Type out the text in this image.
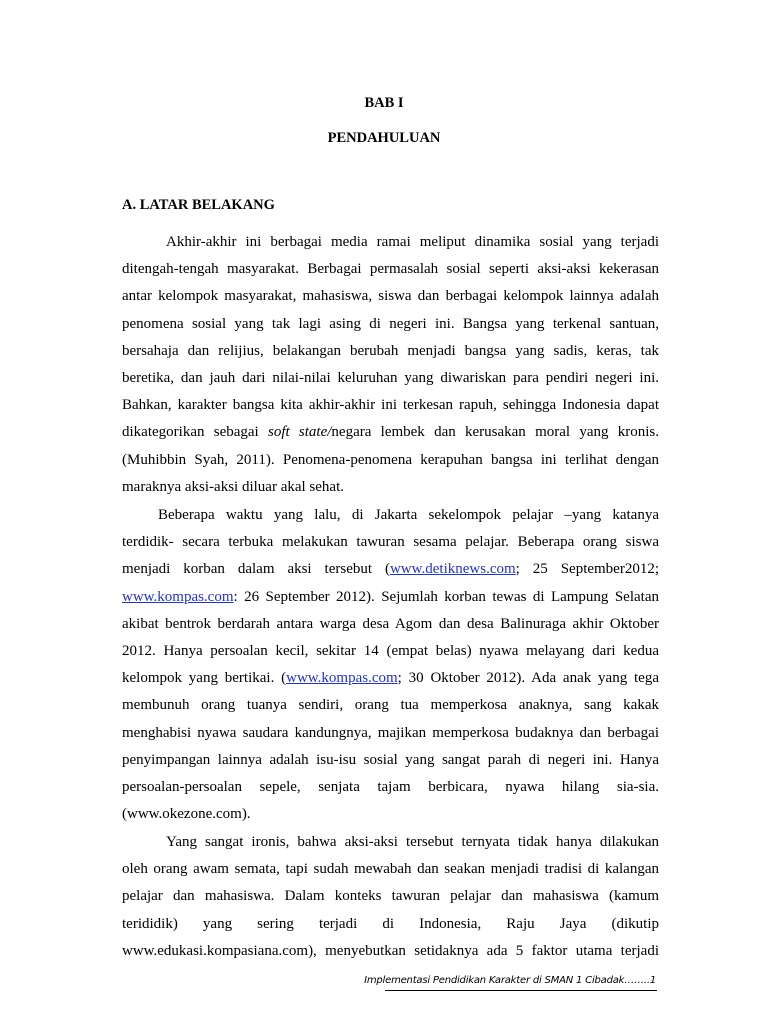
BAB I
PENDAHULUAN
A. LATAR BELAKANG
Akhir-akhir ini berbagai media ramai meliput dinamika sosial yang terjadi
ditengah-tengah masyarakat. Berbagai permasalah sosial seperti aksi-aksi kekerasan
antar kelompok masyarakat, mahasiswa, siswa dan berbagai kelompok lainnya adalah
penomena sosial yang tak lagi asing di negeri ini. Bangsa yang terkenal santuan,
bersahaja dan relijius, belakangan berubah menjadi bangsa yang sadis, keras, tak
beretika, dan jauh dari nilai-nilai keluruhan yang diwariskan para pendiri negeri ini.
Bahkan, karakter bangsa kita akhir-akhir ini terkesan rapuh, sehingga Indonesia dapat
dikategorikan sebagai soft state/negara lembek dan kerusakan moral yang kronis.
(Muhibbin Syah, 2011). Penomena-penomena kerapuhan bangsa ini terlihat dengan
maraknya aksi-aksi diluar akal sehat.
Beberapa waktu yang lalu, di Jakarta sekelompok pelajar –yang katanya
terdidik- secara terbuka melakukan tawuran sesama pelajar. Beberapa orang siswa
menjadi korban dalam aksi tersebut (www.detiknews.com; 25 September2012;
www.kompas.com: 26 September 2012). Sejumlah korban tewas di Lampung Selatan
akibat bentrok berdarah antara warga desa Agom dan desa Balinuraga akhir Oktober
2012. Hanya persoalan kecil, sekitar 14 (empat belas) nyawa melayang dari kedua
kelompok yang bertikai. (www.kompas.com; 30 Oktober 2012). Ada anak yang tega
membunuh orang tuanya sendiri, orang tua memperkosa anaknya, sang kakak
menghabisi nyawa saudara kandungnya, majikan memperkosa budaknya dan berbagai
penyimpangan lainnya adalah isu-isu sosial yang sangat parah di negeri ini. Hanya
persoalan-persoalan sepele, senjata tajam berbicara, nyawa hilang sia-sia.
(www.okezone.com).
Yang sangat ironis, bahwa aksi-aksi tersebut ternyata tidak hanya dilakukan
oleh orang awam semata, tapi sudah mewabah dan seakan menjadi tradisi di kalangan
pelajar dan mahasiswa. Dalam konteks tawuran pelajar dan mahasiswa (kamum
terididik) yang sering terjadi di Indonesia, Raju Jaya (dikutip
www.edukasi.kompasiana.com), menyebutkan setidaknya ada 5 faktor utama terjadi
Implementasi Pendidikan Karakter di SMAN 1 Cibadak……..1
